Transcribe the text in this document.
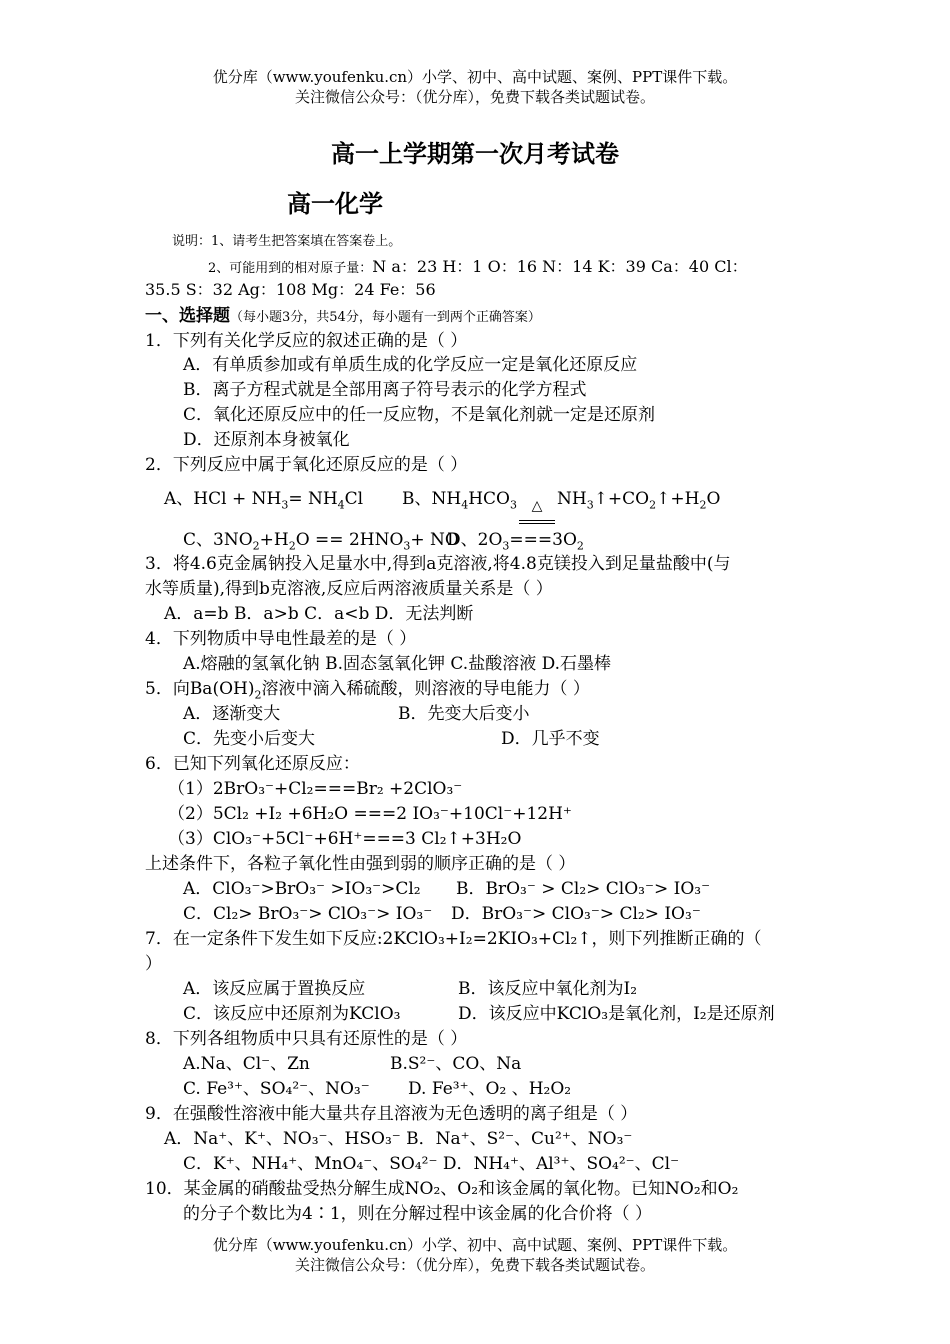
优分库（www.youfenku.cn）小学、初中、高中试题、案例、PPT课件下载。
关注微信公众号：（优分库），免费下载各类试题试卷。
高一上学期第一次月考试卷
高一化学
说明：1、请考生把答案填在答案卷上。
2、可能用到的相对原子量：N a：23 H：1 O：16 N：14 K：39 Ca：40 Cl：
35.5 S：32 Ag：108 Mg：24 Fe：56
一、选择题（每小题3分，共54分，每小题有一到两个正确答案）
1．下列有关化学反应的叙述正确的是（ ）
A．有单质参加或有单质生成的化学反应一定是氧化还原反应
B．离子方程式就是全部用离子符号表示的化学方程式
C．氧化还原反应中的任一反应物，不是氧化剂就一定是还原剂
D．还原剂本身被氧化
2．下列反应中属于氧化还原反应的是（ ）
A、HCl + $NH_3= NH_4Cl$ B、$NH_4HCO_3$	△ $NH_3↑+CO_2↑+H_2O$
C、$3NO_2+H_2O == 2HNO_3+$ NO
D、$2O_3===3O_2$
3．将4.6克金属钠投入足量水中,得到a克溶液,将4.8克镁投入到足量盐酸中(与
水等质量),得到b克溶液,反应后两溶液质量关系是（ ）
A．a=b B．a>b C．a<b D．无法判断
4．下列物质中导电性最差的是（ ）
A.熔融的氢氧化钠 B.固态氢氧化钾 C.盐酸溶液 D.石墨棒
5．向$Ba(OH)_2$溶液中滴入稀硫酸，则溶液的导电能力（ ）
A．逐渐变大	B．先变大后变小
C．先变小后变大	D．几乎不变
6．已知下列氧化还原反应：
（1）2BrO₃⁻+Cl₂===Br₂ +2ClO₃⁻
（2）5Cl₂ +I₂ +6H₂O ===2 IO₃⁻+10Cl⁻+12H⁺
（3）ClO₃⁻+5Cl⁻+6H⁺===3 Cl₂↑+3H₂O
上述条件下，各粒子氧化性由强到弱的顺序正确的是（ ）
A．ClO₃⁻>BrO₃⁻ >IO₃⁻>Cl₂ B．BrO₃⁻ > Cl₂> ClO₃⁻> IO₃⁻
C．Cl₂> BrO₃⁻> ClO₃⁻> IO₃⁻ D．BrO₃⁻> ClO₃⁻> Cl₂> IO₃⁻
7．在一定条件下发生如下反应:2KClO₃+I₂=2KIO₃+Cl₂↑，则下列推断正确的（
）
A．该反应属于置换反应	B．该反应中氧化剂为I₂
C．该反应中还原剂为KClO₃	D．该反应中KClO₃是氧化剂，I₂是还原剂
8．下列各组物质中只具有还原性的是（ ）
A.Na、Cl⁻、Zn	B.S²⁻、CO、Na
C. Fe³⁺、SO₄²⁻、NO₃⁻ D. Fe³⁺、O₂ 、H₂O₂
9．在强酸性溶液中能大量共存且溶液为无色透明的离子组是（ ）
A．Na⁺、K⁺、NO₃⁻、HSO₃⁻ B．Na⁺、S²⁻、Cu²⁺、NO₃⁻
C．K⁺、NH₄⁺、MnO₄⁻、SO₄²⁻ D．NH₄⁺、Al³⁺、SO₄²⁻、Cl⁻
10．某金属的硝酸盐受热分解生成NO₂、O₂和该金属的氧化物。已知NO₂和O₂
的分子个数比为4∶1，则在分解过程中该金属的化合价将（ ）
优分库（www.youfenku.cn）小学、初中、高中试题、案例、PPT课件下载。
关注微信公众号：（优分库），免费下载各类试题试卷。
